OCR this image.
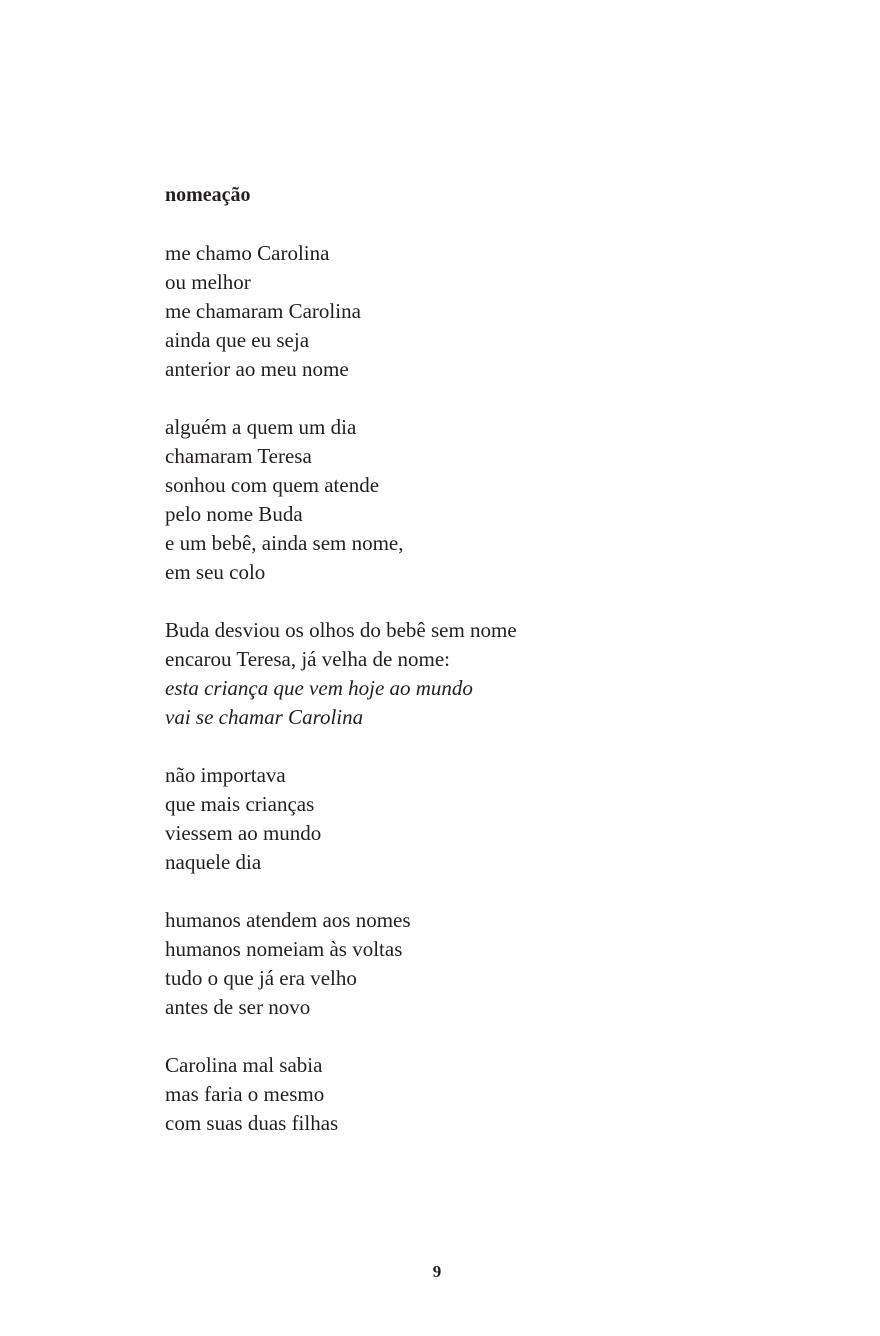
nomeação
me chamo Carolina
ou melhor
me chamaram Carolina
ainda que eu seja
anterior ao meu nome
alguém a quem um dia
chamaram Teresa
sonhou com quem atende
pelo nome Buda
e um bebê, ainda sem nome,
em seu colo
Buda desviou os olhos do bebê sem nome
encarou Teresa, já velha de nome:
esta criança que vem hoje ao mundo
vai se chamar Carolina
não importava
que mais crianças
viessem ao mundo
naquele dia
humanos atendem aos nomes
humanos nomeiam às voltas
tudo o que já era velho
antes de ser novo
Carolina mal sabia
mas faria o mesmo
com suas duas filhas
9
